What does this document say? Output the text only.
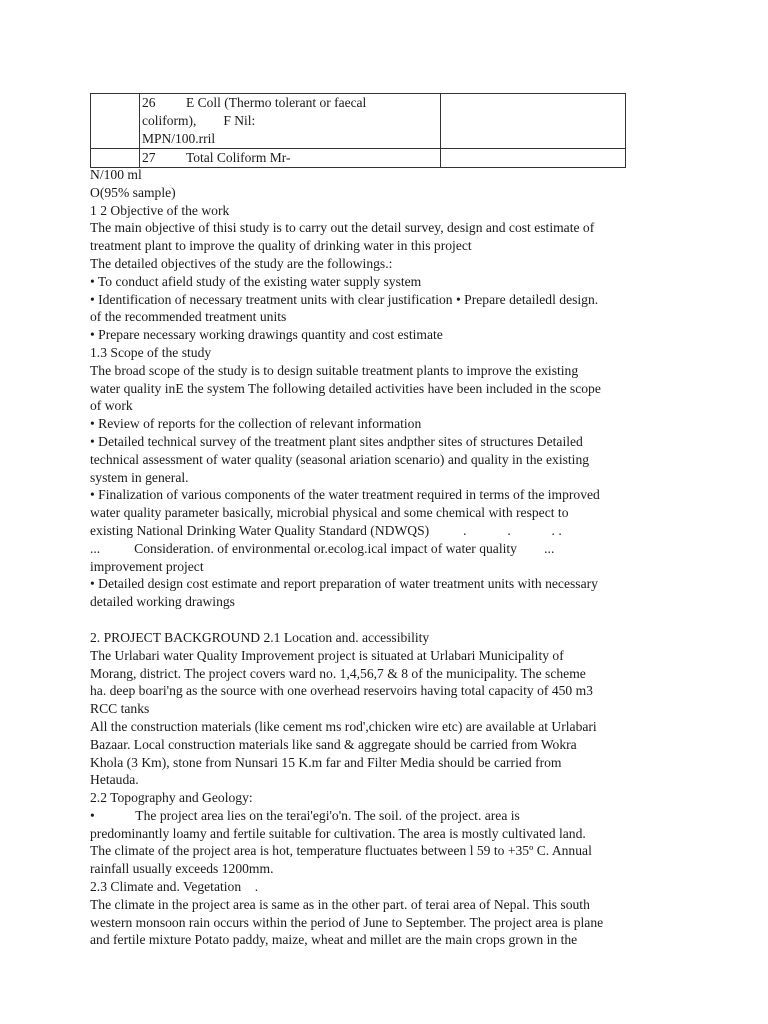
	26 E Coll (Thermo tolerant or faecal
coliform),        F Nil:
MPN/100.rril	
	27 Total Coliform Mr-	

N/100 ml

O(95% sample)

1 2 Objective of the work

The main objective of thisi study is to carry out the detail survey, design and cost estimate of

treatment plant to improve the quality of drinking water in this project

The detailed objectives of the study are the followings.:

• To conduct afield study of the existing water supply system

• Identification of necessary treatment units with clear justification • Prepare detailedl design.

of the recommended treatment units

• Prepare necessary working drawings quantity and cost estimate

1.3 Scope of the study

The broad scope of the study is to design suitable treatment plants to improve the existing

water quality inE the system The following detailed activities have been included in the scope

of work

• Review of reports for the collection of relevant information

• Detailed technical survey of the treatment plant sites andpther sites of structures Detailed

technical assessment of water quality (seasonal ariation scenario) and quality in the existing

system in general.

• Finalization of various components of the water treatment required in terms of the improved

water quality parameter basically, microbial physical and some chemical with respect to

existing National Drinking Water Quality Standard (NDWQS)          .            .            . .

...          Consideration. of environmental or.ecolog.ical impact of water quality        ...

improvement project

• Detailed design cost estimate and report preparation of water treatment units with necessary

detailed working drawings

2. PROJECT BACKGROUND 2.1 Location and. accessibility

The Urlabari water Quality Improvement project is situated at Urlabari Municipality of

Morang, district. The project covers ward no. 1,4,56,7 & 8 of the municipality. The scheme

ha. deep boari'ng as the source with one overhead reservoirs having total capacity of 450 m3

RCC tanks

All the construction materials (like cement ms rod',chicken wire etc) are available at Urlabari

Bazaar. Local construction materials like sand & aggregate should be carried from Wokra

Khola (3 Km), stone from Nunsari 15 K.m far and Filter Media should be carried from

Hetauda.

2.2 Topography and Geology:

•            The project area lies on the terai'egi'o'n. The soil. of the project. area is

predominantly loamy and fertile suitable for cultivation. The area is mostly cultivated land.

The climate of the project area is hot, temperature fluctuates between l 59 to +35º C. Annual

rainfall usually exceeds 1200mm.

2.3 Climate and. Vegetation    .

The climate in the project area is same as in the other part. of terai area of Nepal. This south

western monsoon rain occurs within the period of June to September. The project area is plane

and fertile mixture Potato paddy, maize, wheat and millet are the main crops grown in the
